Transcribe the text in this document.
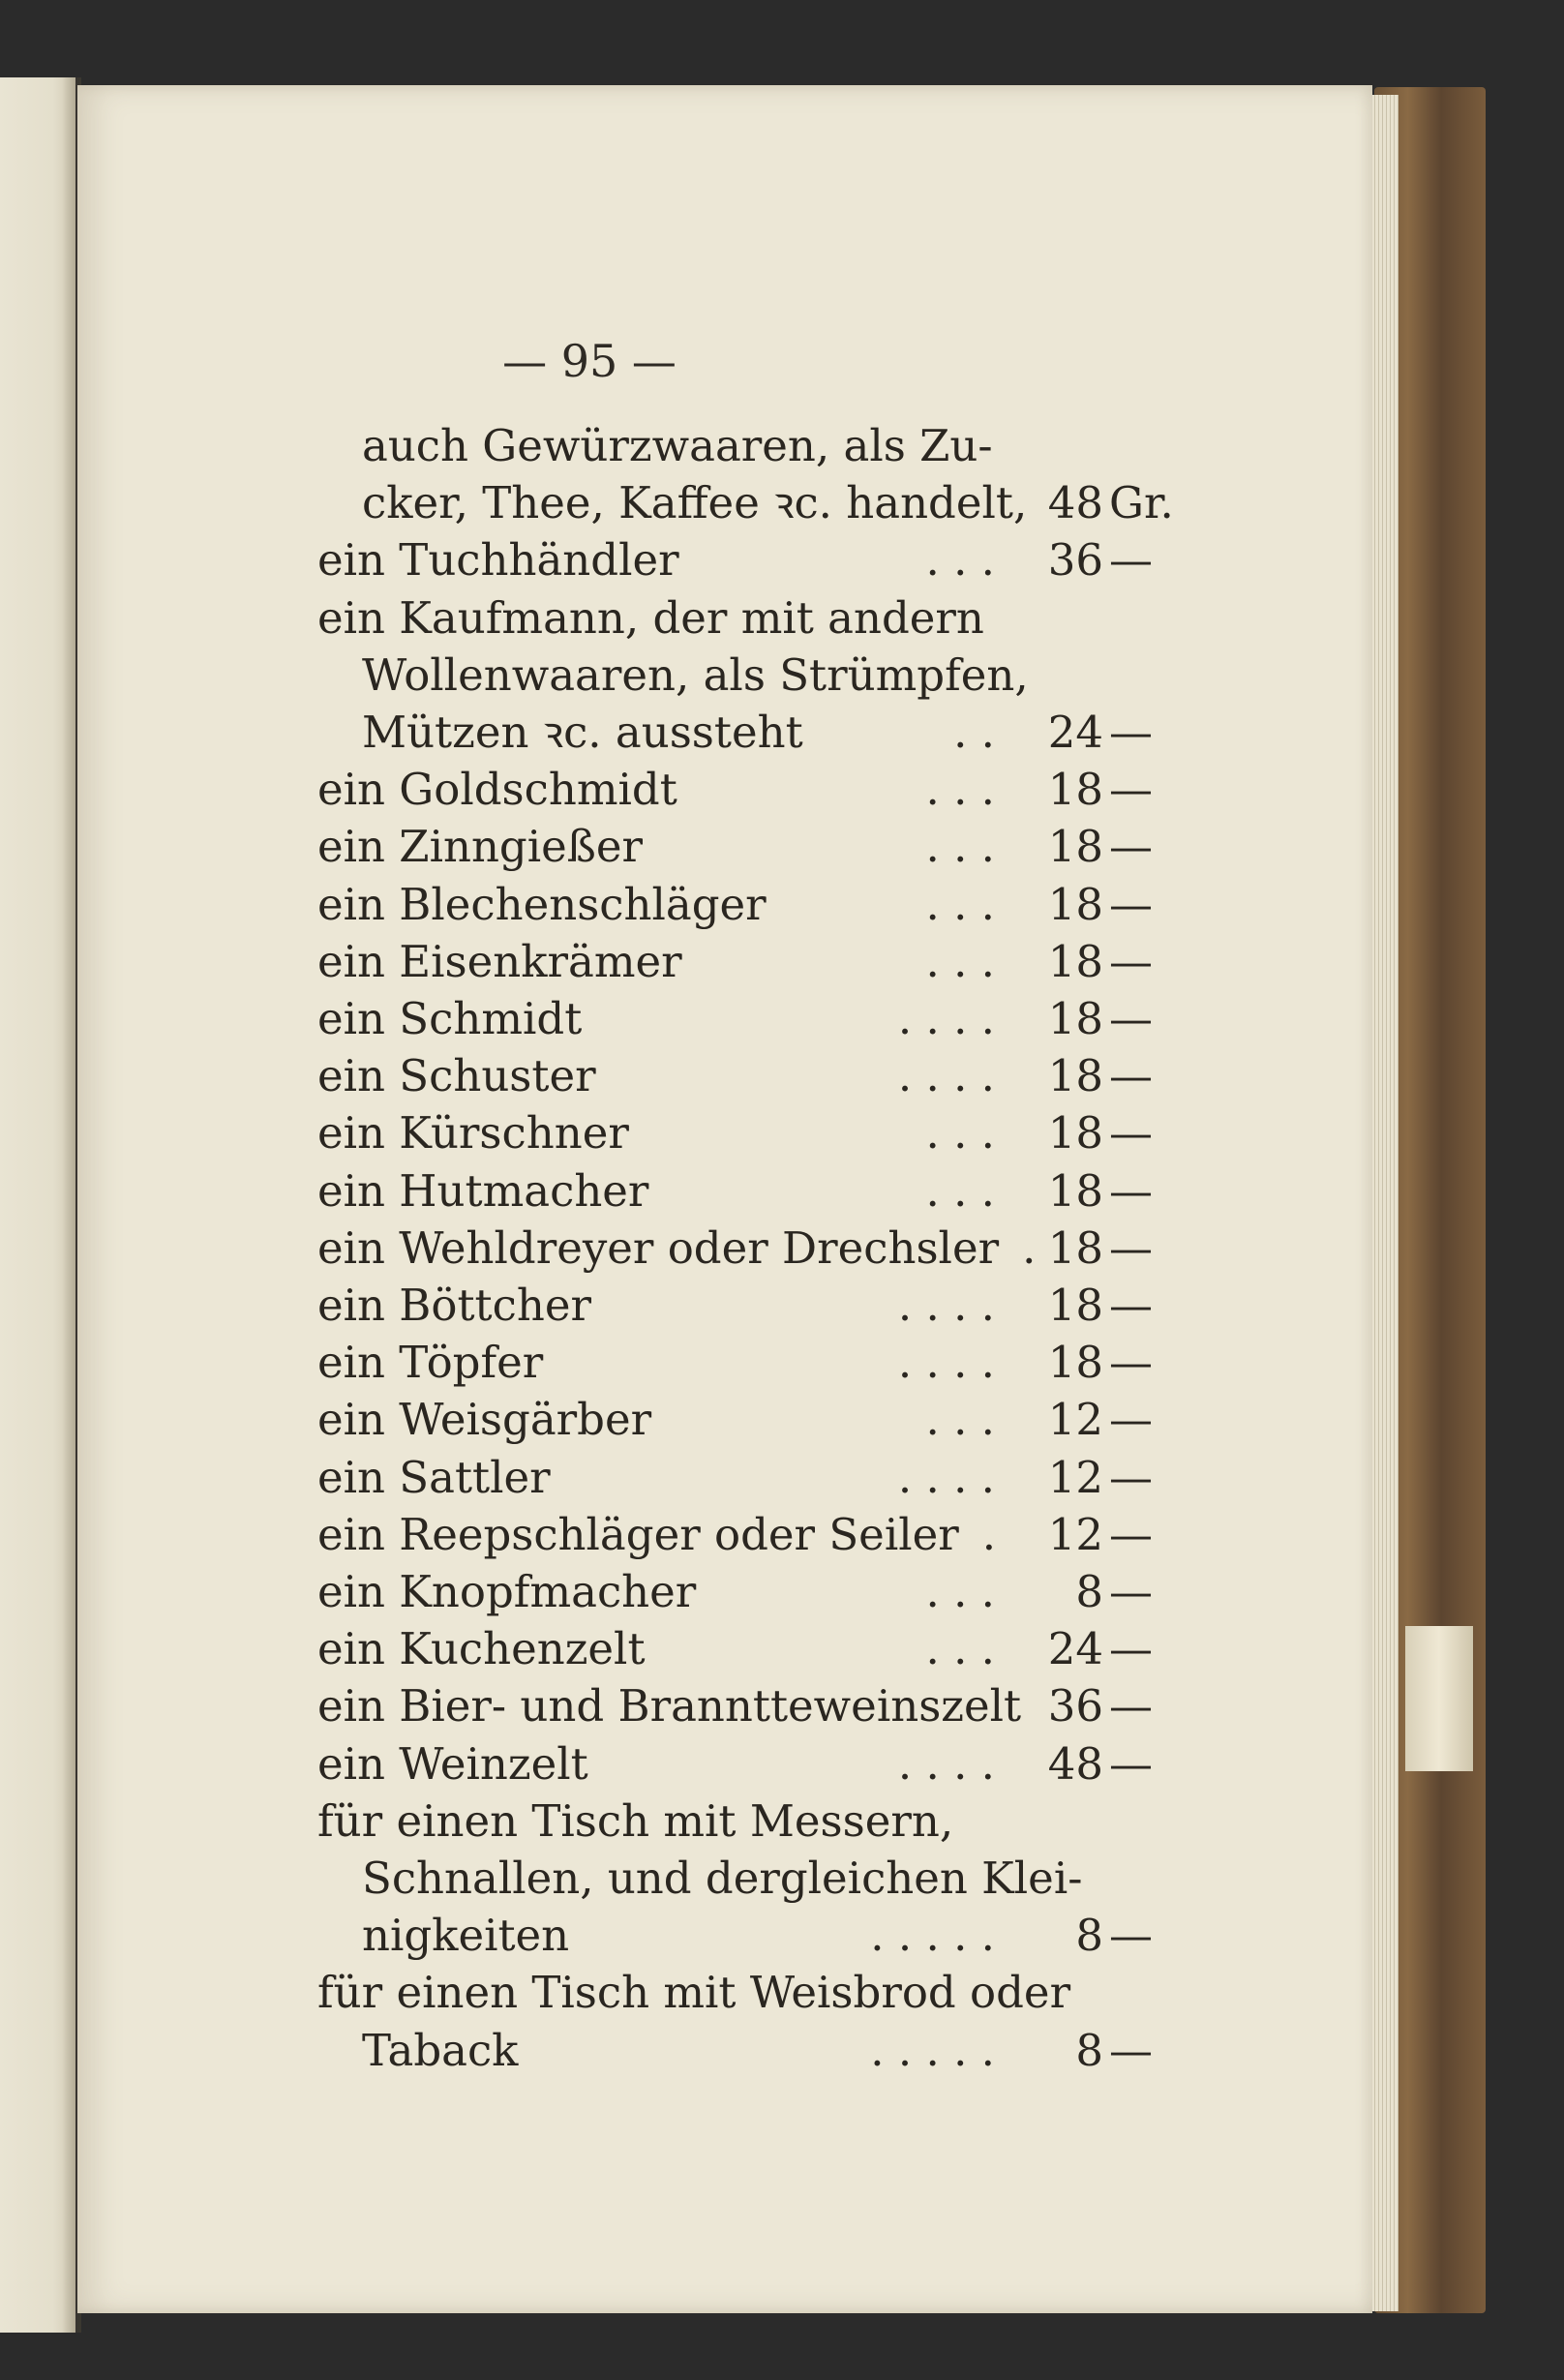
— 95 —
auch Gewürzwaaren, als Zu-
cker, Thee, Kaffee ꝛc. handelt, 48 Gr.
ein Tuchhändler	. . . 36 —
ein Kaufmann, der mit andern
Wollenwaaren, als Strümpfen,
Mützen ꝛc. aussteht	. . 24 —
ein Goldschmidt	. . . 18 —
ein Zinngießer	. . . 18 —
ein Blechenschläger	. . . 18 —
ein Eisenkrämer	. . . 18 —
ein Schmidt	. . . . 18 —
ein Schuster	. . . . 18 —
ein Kürschner	. . . 18 —
ein Hutmacher	. . . 18 —
ein Wehldreyer oder Drechsler . 18 —
ein Böttcher	. . . . 18 —
ein Töpfer	. . . . 18 —
ein Weisgärber	. . . 12 —
ein Sattler	. . . . 12 —
ein Reepschläger oder Seiler . 12 —
ein Knopfmacher	. . .	8 —
ein Kuchenzelt	. . . 24 —
ein Bier- und Branntteweinszelt 36 —
ein Weinzelt	. . . . 48 —
für einen Tisch mit Messern,
Schnallen, und dergleichen Klei-
nigkeiten	. . . . .	8 —
für einen Tisch mit Weisbrod oder
Taback	. . . . .	8 —
